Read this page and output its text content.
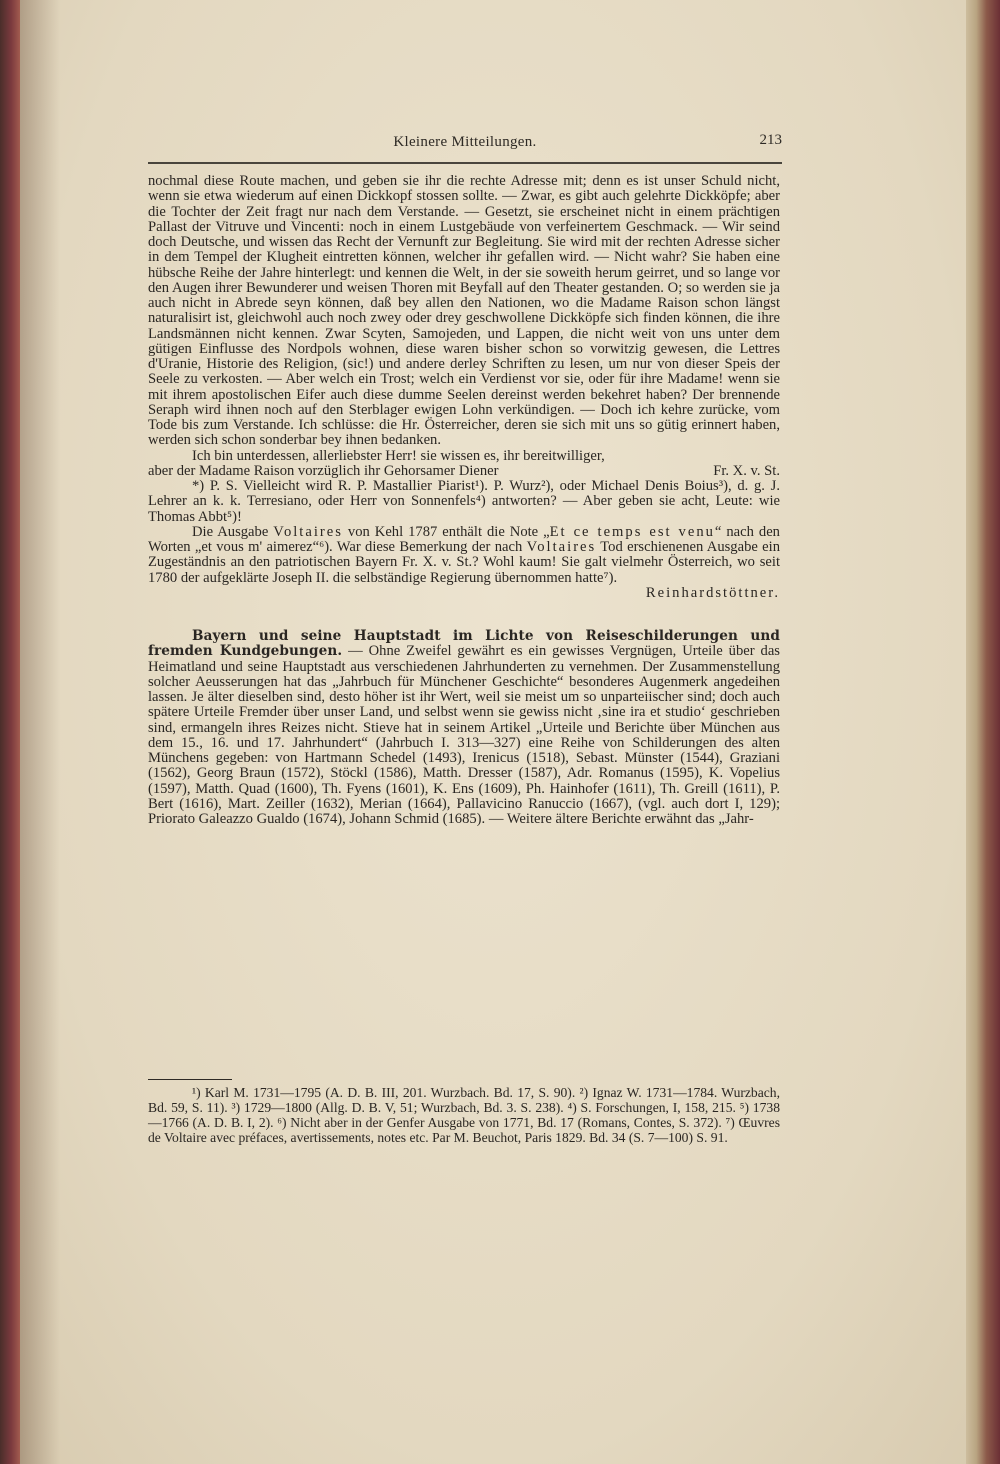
Kleinere Mitteilungen.	213

nochmal diese Route machen, und geben sie ihr die rechte Adresse mit; denn es ist unser Schuld nicht, wenn sie etwa wiederum auf einen Dickkopf stossen sollte. — Zwar, es gibt auch gelehrte Dickköpfe; aber die Tochter der Zeit fragt nur nach dem Verstande. — Gesetzt, sie erscheinet nicht in einem prächtigen Pallast der Vitruve und Vincenti: noch in einem Lustgebäude von verfeinertem Geschmack. — Wir seind doch Deutsche, und wissen das Recht der Vernunft zur Begleitung. Sie wird mit der rechten Adresse sicher in dem Tempel der Klugheit eintretten können, welcher ihr gefallen wird. — Nicht wahr? Sie haben eine hübsche Reihe der Jahre hinterlegt: und kennen die Welt, in der sie soweith herum geirret, und so lange vor den Augen ihrer Bewunderer und weisen Thoren mit Beyfall auf den Theater gestanden. O; so werden sie ja auch nicht in Abrede seyn können, daß bey allen den Nationen, wo die Madame Raison schon längst naturalisirt ist, gleichwohl auch noch zwey oder drey geschwollene Dickköpfe sich finden können, die ihre Landsmännen nicht kennen. Zwar Scyten, Samojeden, und Lappen, die nicht weit von uns unter dem gütigen Einflusse des Nordpols wohnen, diese waren bisher schon so vorwitzig gewesen, die Lettres d'Uranie, Historie des Religion, (sic!) und andere derley Schriften zu lesen, um nur von dieser Speis der Seele zu verkosten. — Aber welch ein Trost; welch ein Verdienst vor sie, oder für ihre Madame! wenn sie mit ihrem apostolischen Eifer auch diese dumme Seelen dereinst werden bekehret haben? Der brennende Seraph wird ihnen noch auf den Sterblager ewigen Lohn verkündigen. — Doch ich kehre zurücke, vom Tode bis zum Verstande. Ich schlüsse: die Hr. Österreicher, deren sie sich mit uns so gütig erinnert haben, werden sich schon sonderbar bey ihnen bedanken.

Ich bin unterdessen, allerliebster Herr! sie wissen es, ihr bereitwilliger,

aber der Madame Raison vorzüglich ihr Gehorsamer Diener	Fr. X. v. St.

*) P. S. Vielleicht wird R. P. Mastallier Piarist¹). P. Wurz²), oder Michael Denis Boius³), d. g. J. Lehrer an k. k. Terresiano, oder Herr von Sonnenfels⁴) antworten? — Aber geben sie acht, Leute: wie Thomas Abbt⁵)!

Die Ausgabe Voltaires von Kehl 1787 enthält die Note „Et ce temps est venu“ nach den Worten „et vous m' aimerez“⁶). War diese Bemerkung der nach Voltaires Tod erschienenen Ausgabe ein Zugeständnis an den patriotischen Bayern Fr. X. v. St.? Wohl kaum! Sie galt vielmehr Österreich, wo seit 1780 der aufgeklärte Joseph II. die selbständige Regierung übernommen hatte⁷).

Reinhardstöttner.

Bayern und seine Hauptstadt im Lichte von Reiseschilderungen und fremden Kundgebungen. — Ohne Zweifel gewährt es ein gewisses Vergnügen, Urteile über das Heimatland und seine Hauptstadt aus verschiedenen Jahrhunderten zu vernehmen. Der Zusammenstellung solcher Aeusserungen hat das „Jahrbuch für Münchener Geschichte“ besonderes Augenmerk angedeihen lassen. Je älter dieselben sind, desto höher ist ihr Wert, weil sie meist um so unparteiischer sind; doch auch spätere Urteile Fremder über unser Land, und selbst wenn sie gewiss nicht ‚sine ira et studio‘ geschrieben sind, ermangeln ihres Reizes nicht. Stieve hat in seinem Artikel „Urteile und Berichte über München aus dem 15., 16. und 17. Jahrhundert“ (Jahrbuch I. 313—327) eine Reihe von Schilderungen des alten Münchens gegeben: von Hartmann Schedel (1493), Irenicus (1518), Sebast. Münster (1544), Graziani (1562), Georg Braun (1572), Stöckl (1586), Matth. Dresser (1587), Adr. Romanus (1595), K. Vopelius (1597), Matth. Quad (1600), Th. Fyens (1601), K. Ens (1609), Ph. Hainhofer (1611), Th. Greill (1611), P. Bert (1616), Mart. Zeiller (1632), Merian (1664), Pallavicino Ranuccio (1667), (vgl. auch dort I, 129); Priorato Galeazzo Gualdo (1674), Johann Schmid (1685). — Weitere ältere Berichte erwähnt das „Jahr-

¹) Karl M. 1731—1795 (A. D. B. III, 201. Wurzbach. Bd. 17, S. 90). ²) Ignaz W. 1731—1784. Wurzbach, Bd. 59, S. 11). ³) 1729—1800 (Allg. D. B. V, 51; Wurzbach, Bd. 3. S. 238). ⁴) S. Forschungen, I, 158, 215. ⁵) 1738—1766 (A. D. B. I, 2). ⁶) Nicht aber in der Genfer Ausgabe von 1771, Bd. 17 (Romans, Contes, S. 372). ⁷) Œuvres de Voltaire avec préfaces, avertissements, notes etc. Par M. Beuchot, Paris 1829. Bd. 34 (S. 7—100) S. 91.
